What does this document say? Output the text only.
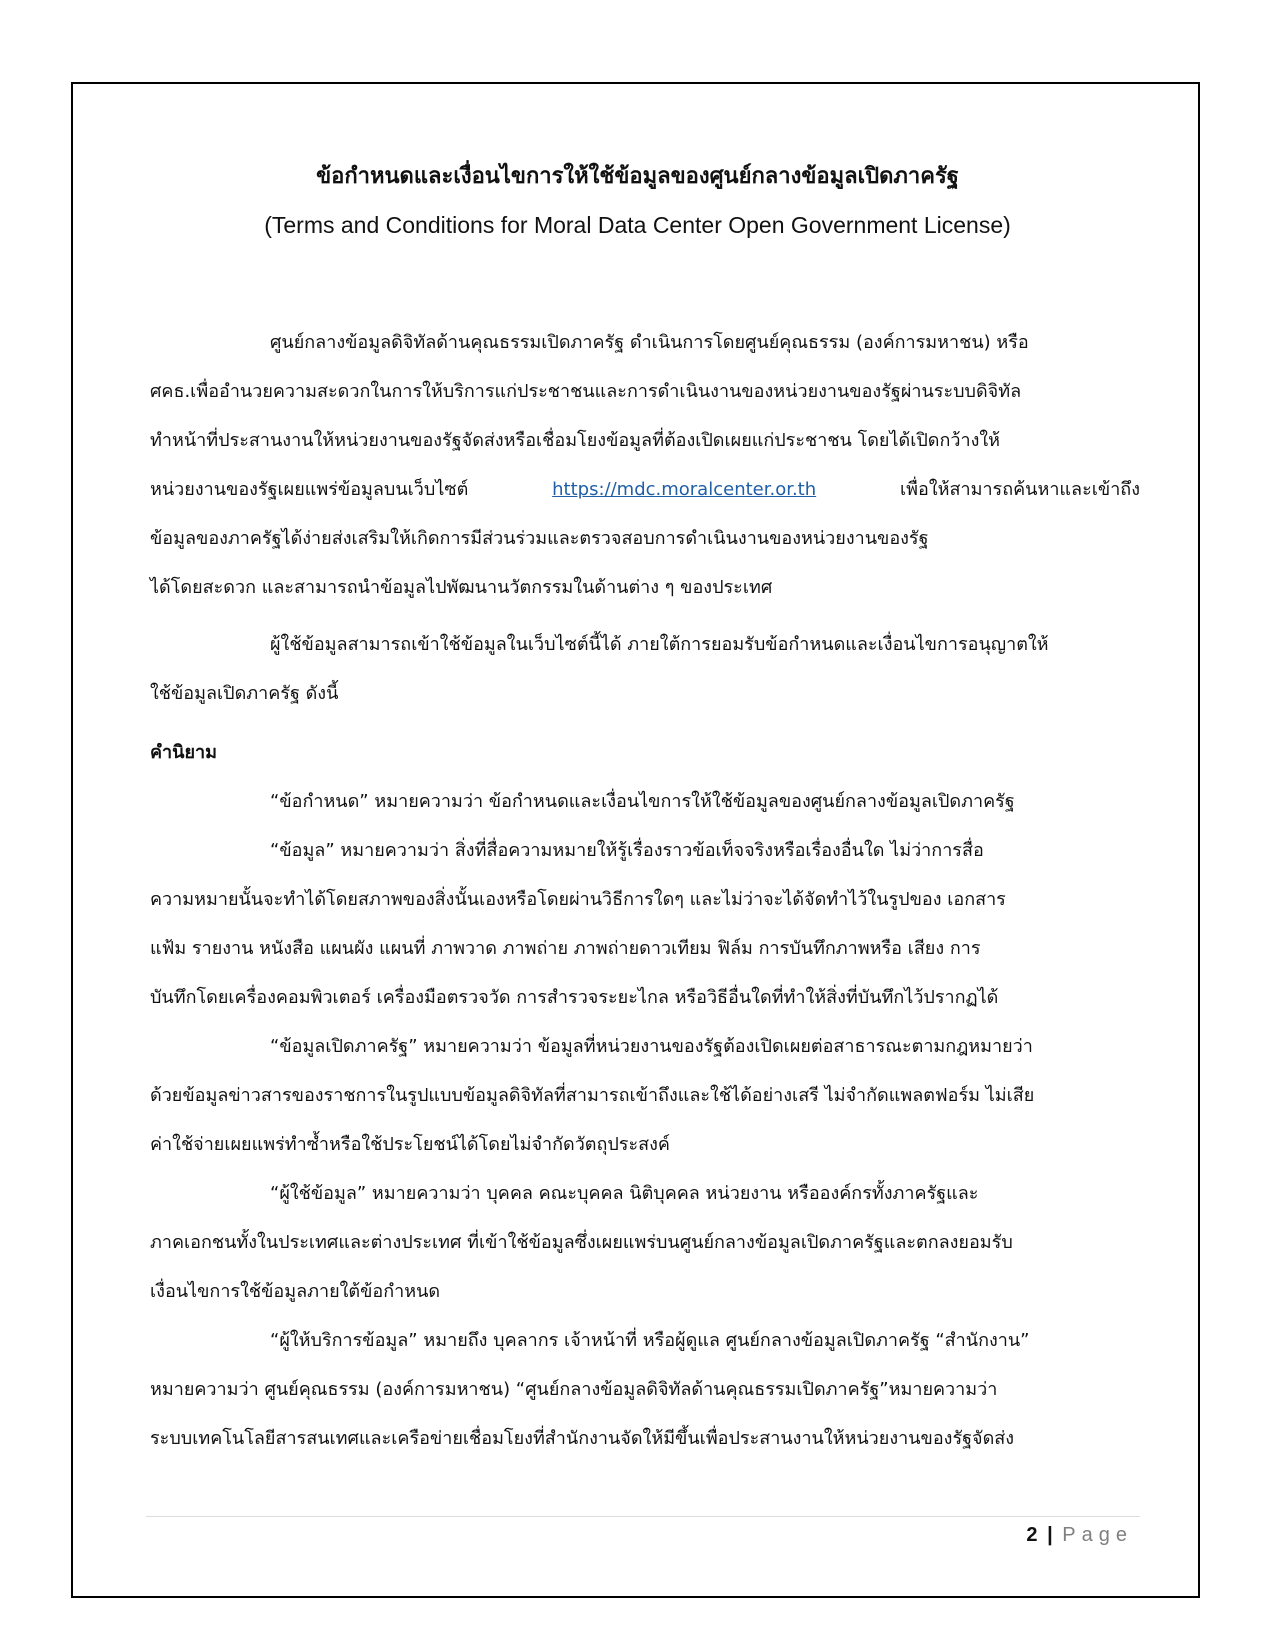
ข้อกำหนดและเงื่อนไขการให้ใช้ข้อมูลของศูนย์กลางข้อมูลเปิดภาครัฐ
(Terms and Conditions for Moral Data Center Open Government License)
ศูนย์กลางข้อมูลดิจิทัลด้านคุณธรรมเปิดภาครัฐ ดำเนินการโดยศูนย์คุณธรรม (องค์การมหาชน) หรือ
ศคธ.เพื่ออำนวยความสะดวกในการให้บริการแก่ประชาชนและการดำเนินงานของหน่วยงานของรัฐผ่านระบบดิจิทัล
ทำหน้าที่ประสานงานให้หน่วยงานของรัฐจัดส่งหรือเชื่อมโยงข้อมูลที่ต้องเปิดเผยแก่ประชาชน โดยได้เปิดกว้างให้
หน่วยงานของรัฐเผยแพร่ข้อมูลบนเว็บไซต์	https://mdc.moralcenter.or.th	เพื่อให้สามารถค้นหาและเข้าถึง
ข้อมูลของภาครัฐได้ง่ายส่งเสริมให้เกิดการมีส่วนร่วมและตรวจสอบการดำเนินงานของหน่วยงานของรัฐ
ได้โดยสะดวก และสามารถนำข้อมูลไปพัฒนานวัตกรรมในด้านต่าง ๆ ของประเทศ
ผู้ใช้ข้อมูลสามารถเข้าใช้ข้อมูลในเว็บไซต์นี้ได้ ภายใต้การยอมรับข้อกำหนดและเงื่อนไขการอนุญาตให้
ใช้ข้อมูลเปิดภาครัฐ ดังนี้
คำนิยาม
“ข้อกำหนด” หมายความว่า ข้อกำหนดและเงื่อนไขการให้ใช้ข้อมูลของศูนย์กลางข้อมูลเปิดภาครัฐ
“ข้อมูล” หมายความว่า สิ่งที่สื่อความหมายให้รู้เรื่องราวข้อเท็จจริงหรือเรื่องอื่นใด ไม่ว่าการสื่อ
ความหมายนั้นจะทำได้โดยสภาพของสิ่งนั้นเองหรือโดยผ่านวิธีการใดๆ และไม่ว่าจะได้จัดทำไว้ในรูปของ เอกสาร
แฟ้ม รายงาน หนังสือ แผนผัง แผนที่ ภาพวาด ภาพถ่าย ภาพถ่ายดาวเทียม ฟิล์ม การบันทึกภาพหรือ เสียง การ
บันทึกโดยเครื่องคอมพิวเตอร์ เครื่องมือตรวจวัด การสำรวจระยะไกล หรือวิธีอื่นใดที่ทำให้สิ่งที่บันทึกไว้ปรากฏได้
“ข้อมูลเปิดภาครัฐ” หมายความว่า ข้อมูลที่หน่วยงานของรัฐต้องเปิดเผยต่อสาธารณะตามกฎหมายว่า
ด้วยข้อมูลข่าวสารของราชการในรูปแบบข้อมูลดิจิทัลที่สามารถเข้าถึงและใช้ได้อย่างเสรี ไม่จำกัดแพลตฟอร์ม ไม่เสีย
ค่าใช้จ่ายเผยแพร่ทำซ้ำหรือใช้ประโยชน์ได้โดยไม่จำกัดวัตถุประสงค์
“ผู้ใช้ข้อมูล” หมายความว่า บุคคล คณะบุคคล นิติบุคคล หน่วยงาน หรือองค์กรทั้งภาครัฐและ
ภาคเอกชนทั้งในประเทศและต่างประเทศ ที่เข้าใช้ข้อมูลซึ่งเผยแพร่บนศูนย์กลางข้อมูลเปิดภาครัฐและตกลงยอมรับ
เงื่อนไขการใช้ข้อมูลภายใต้ข้อกำหนด
“ผู้ให้บริการข้อมูล” หมายถึง บุคลากร เจ้าหน้าที่ หรือผู้ดูแล ศูนย์กลางข้อมูลเปิดภาครัฐ “สำนักงาน”
หมายความว่า ศูนย์คุณธรรม (องค์การมหาชน) “ศูนย์กลางข้อมูลดิจิทัลด้านคุณธรรมเปิดภาครัฐ”หมายความว่า
ระบบเทคโนโลยีสารสนเทศและเครือข่ายเชื่อมโยงที่สำนักงานจัดให้มีขึ้นเพื่อประสานงานให้หน่วยงานของรัฐจัดส่ง
2 | Page
